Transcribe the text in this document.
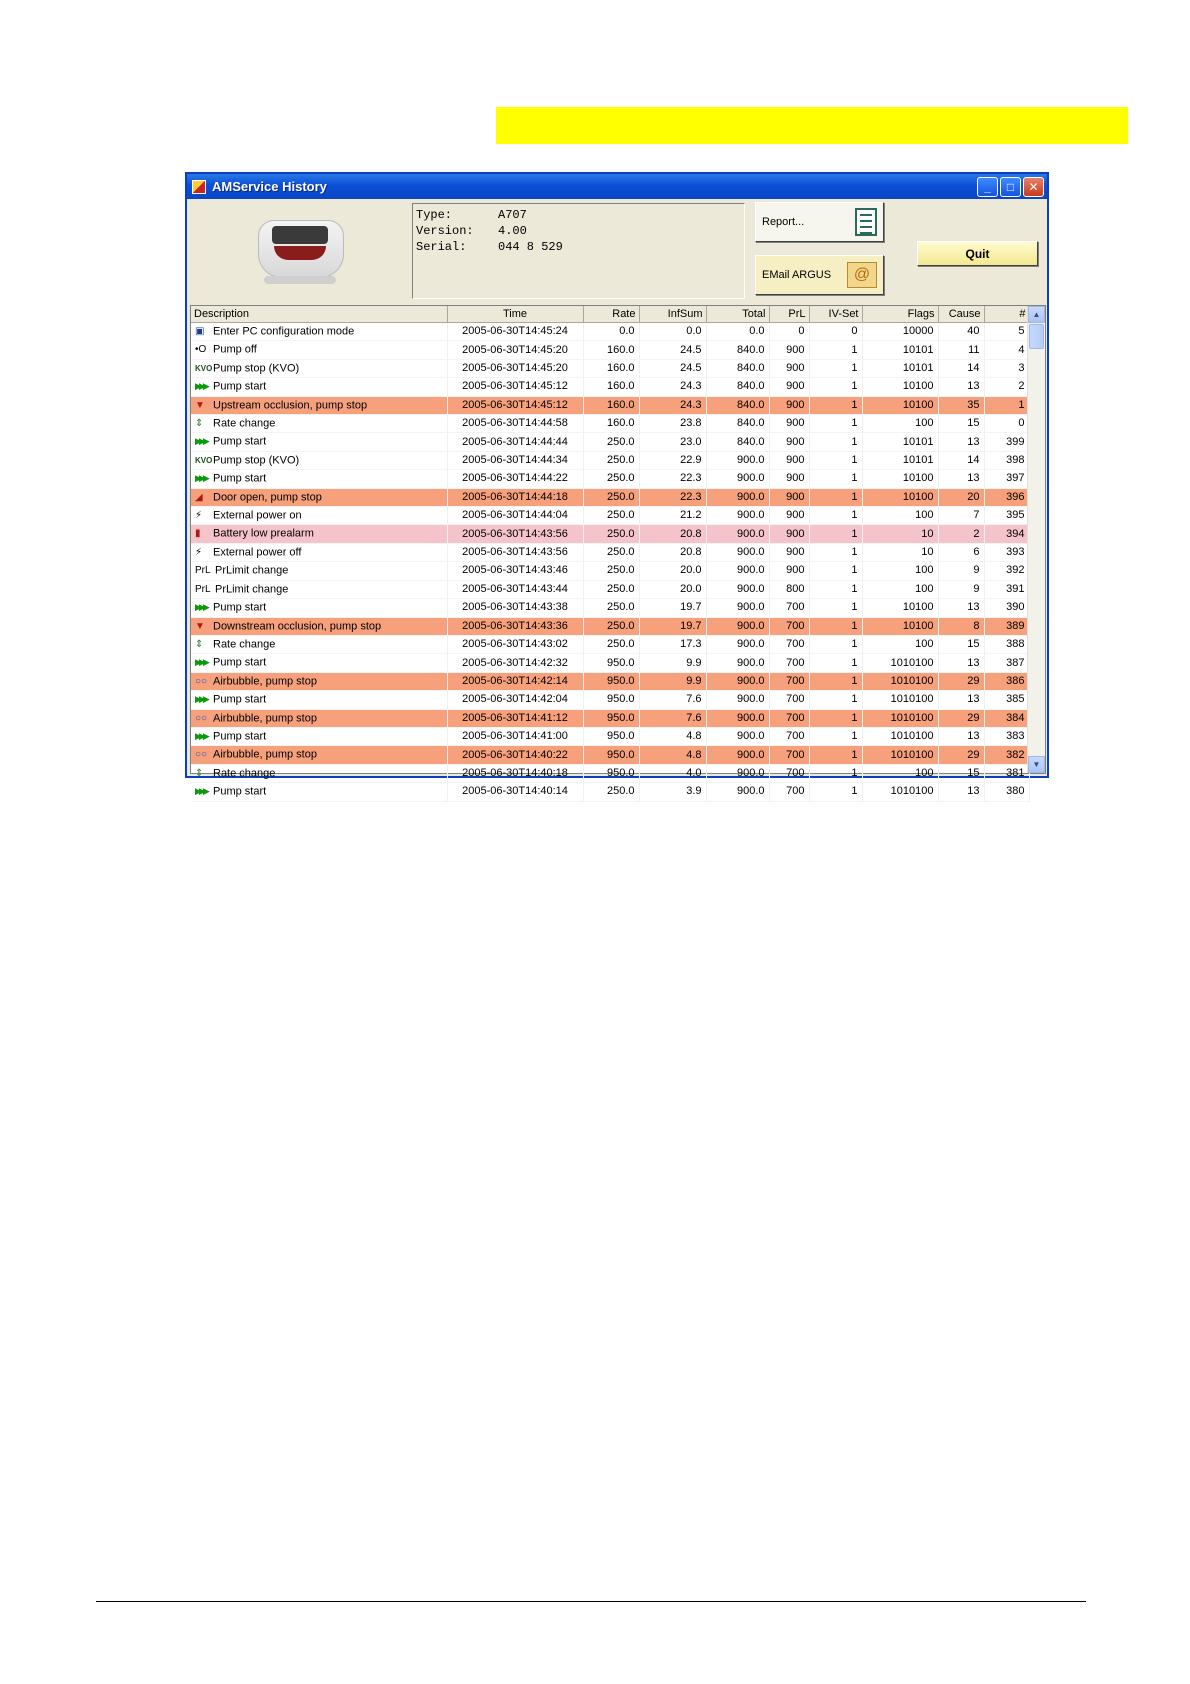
AMService History	_	□	✕
Type:	A707
Version:	4.00
Serial:	044 8 529
Report...
EMail ARGUS	@
Quit
Description	Time	Rate	InfSum	Total	PrL	IV-Set	Flags	Cause	#
▣ Enter PC configuration mode	2005-06-30T14:45:24	0.0	0.0	0.0	0	0	10000	40	5
•O Pump off	2005-06-30T14:45:20	160.0	24.5	840.0	900	1	10101	11	4
KVOPump stop (KVO)	2005-06-30T14:45:20	160.0	24.5	840.0	900	1	10101	14	3
▶▶▶ Pump start	2005-06-30T14:45:12	160.0	24.3	840.0	900	1	10100	13	2
▼ Upstream occlusion, pump stop	2005-06-30T14:45:12	160.0	24.3	840.0	900	1	10100	35	1
⇕ Rate change	2005-06-30T14:44:58	160.0	23.8	840.0	900	1	100	15	0
▶▶▶ Pump start	2005-06-30T14:44:44	250.0	23.0	840.0	900	1	10101	13	399
KVOPump stop (KVO)	2005-06-30T14:44:34	250.0	22.9	900.0	900	1	10101	14	398
▶▶▶ Pump start	2005-06-30T14:44:22	250.0	22.3	900.0	900	1	10100	13	397
◢ Door open, pump stop	2005-06-30T14:44:18	250.0	22.3	900.0	900	1	10100	20	396
⚡ External power on	2005-06-30T14:44:04	250.0	21.2	900.0	900	1	100	7	395
▮ Battery low prealarm	2005-06-30T14:43:56	250.0	20.8	900.0	900	1	10	2	394
⚡ External power off	2005-06-30T14:43:56	250.0	20.8	900.0	900	1	10	6	393
PrL PrLimit change	2005-06-30T14:43:46	250.0	20.0	900.0	900	1	100	9	392
PrL PrLimit change	2005-06-30T14:43:44	250.0	20.0	900.0	800	1	100	9	391
▶▶▶ Pump start	2005-06-30T14:43:38	250.0	19.7	900.0	700	1	10100	13	390
▼ Downstream occlusion, pump stop	2005-06-30T14:43:36	250.0	19.7	900.0	700	1	10100	8	389
⇕ Rate change	2005-06-30T14:43:02	250.0	17.3	900.0	700	1	100	15	388
▶▶▶ Pump start	2005-06-30T14:42:32	950.0	9.9	900.0	700	1	1010100	13	387
○○ Airbubble, pump stop	2005-06-30T14:42:14	950.0	9.9	900.0	700	1	1010100	29	386
▶▶▶ Pump start	2005-06-30T14:42:04	950.0	7.6	900.0	700	1	1010100	13	385
○○ Airbubble, pump stop	2005-06-30T14:41:12	950.0	7.6	900.0	700	1	1010100	29	384
▶▶▶ Pump start	2005-06-30T14:41:00	950.0	4.8	900.0	700	1	1010100	13	383
○○ Airbubble, pump stop	2005-06-30T14:40:22	950.0	4.8	900.0	700	1	1010100	29	382
⇕ Rate change	2005-06-30T14:40:18	950.0	4.0	900.0	700	1	100	15	381
▶▶▶ Pump start	2005-06-30T14:40:14	250.0	3.9	900.0	700	1	1010100	13	380
▲
▼
